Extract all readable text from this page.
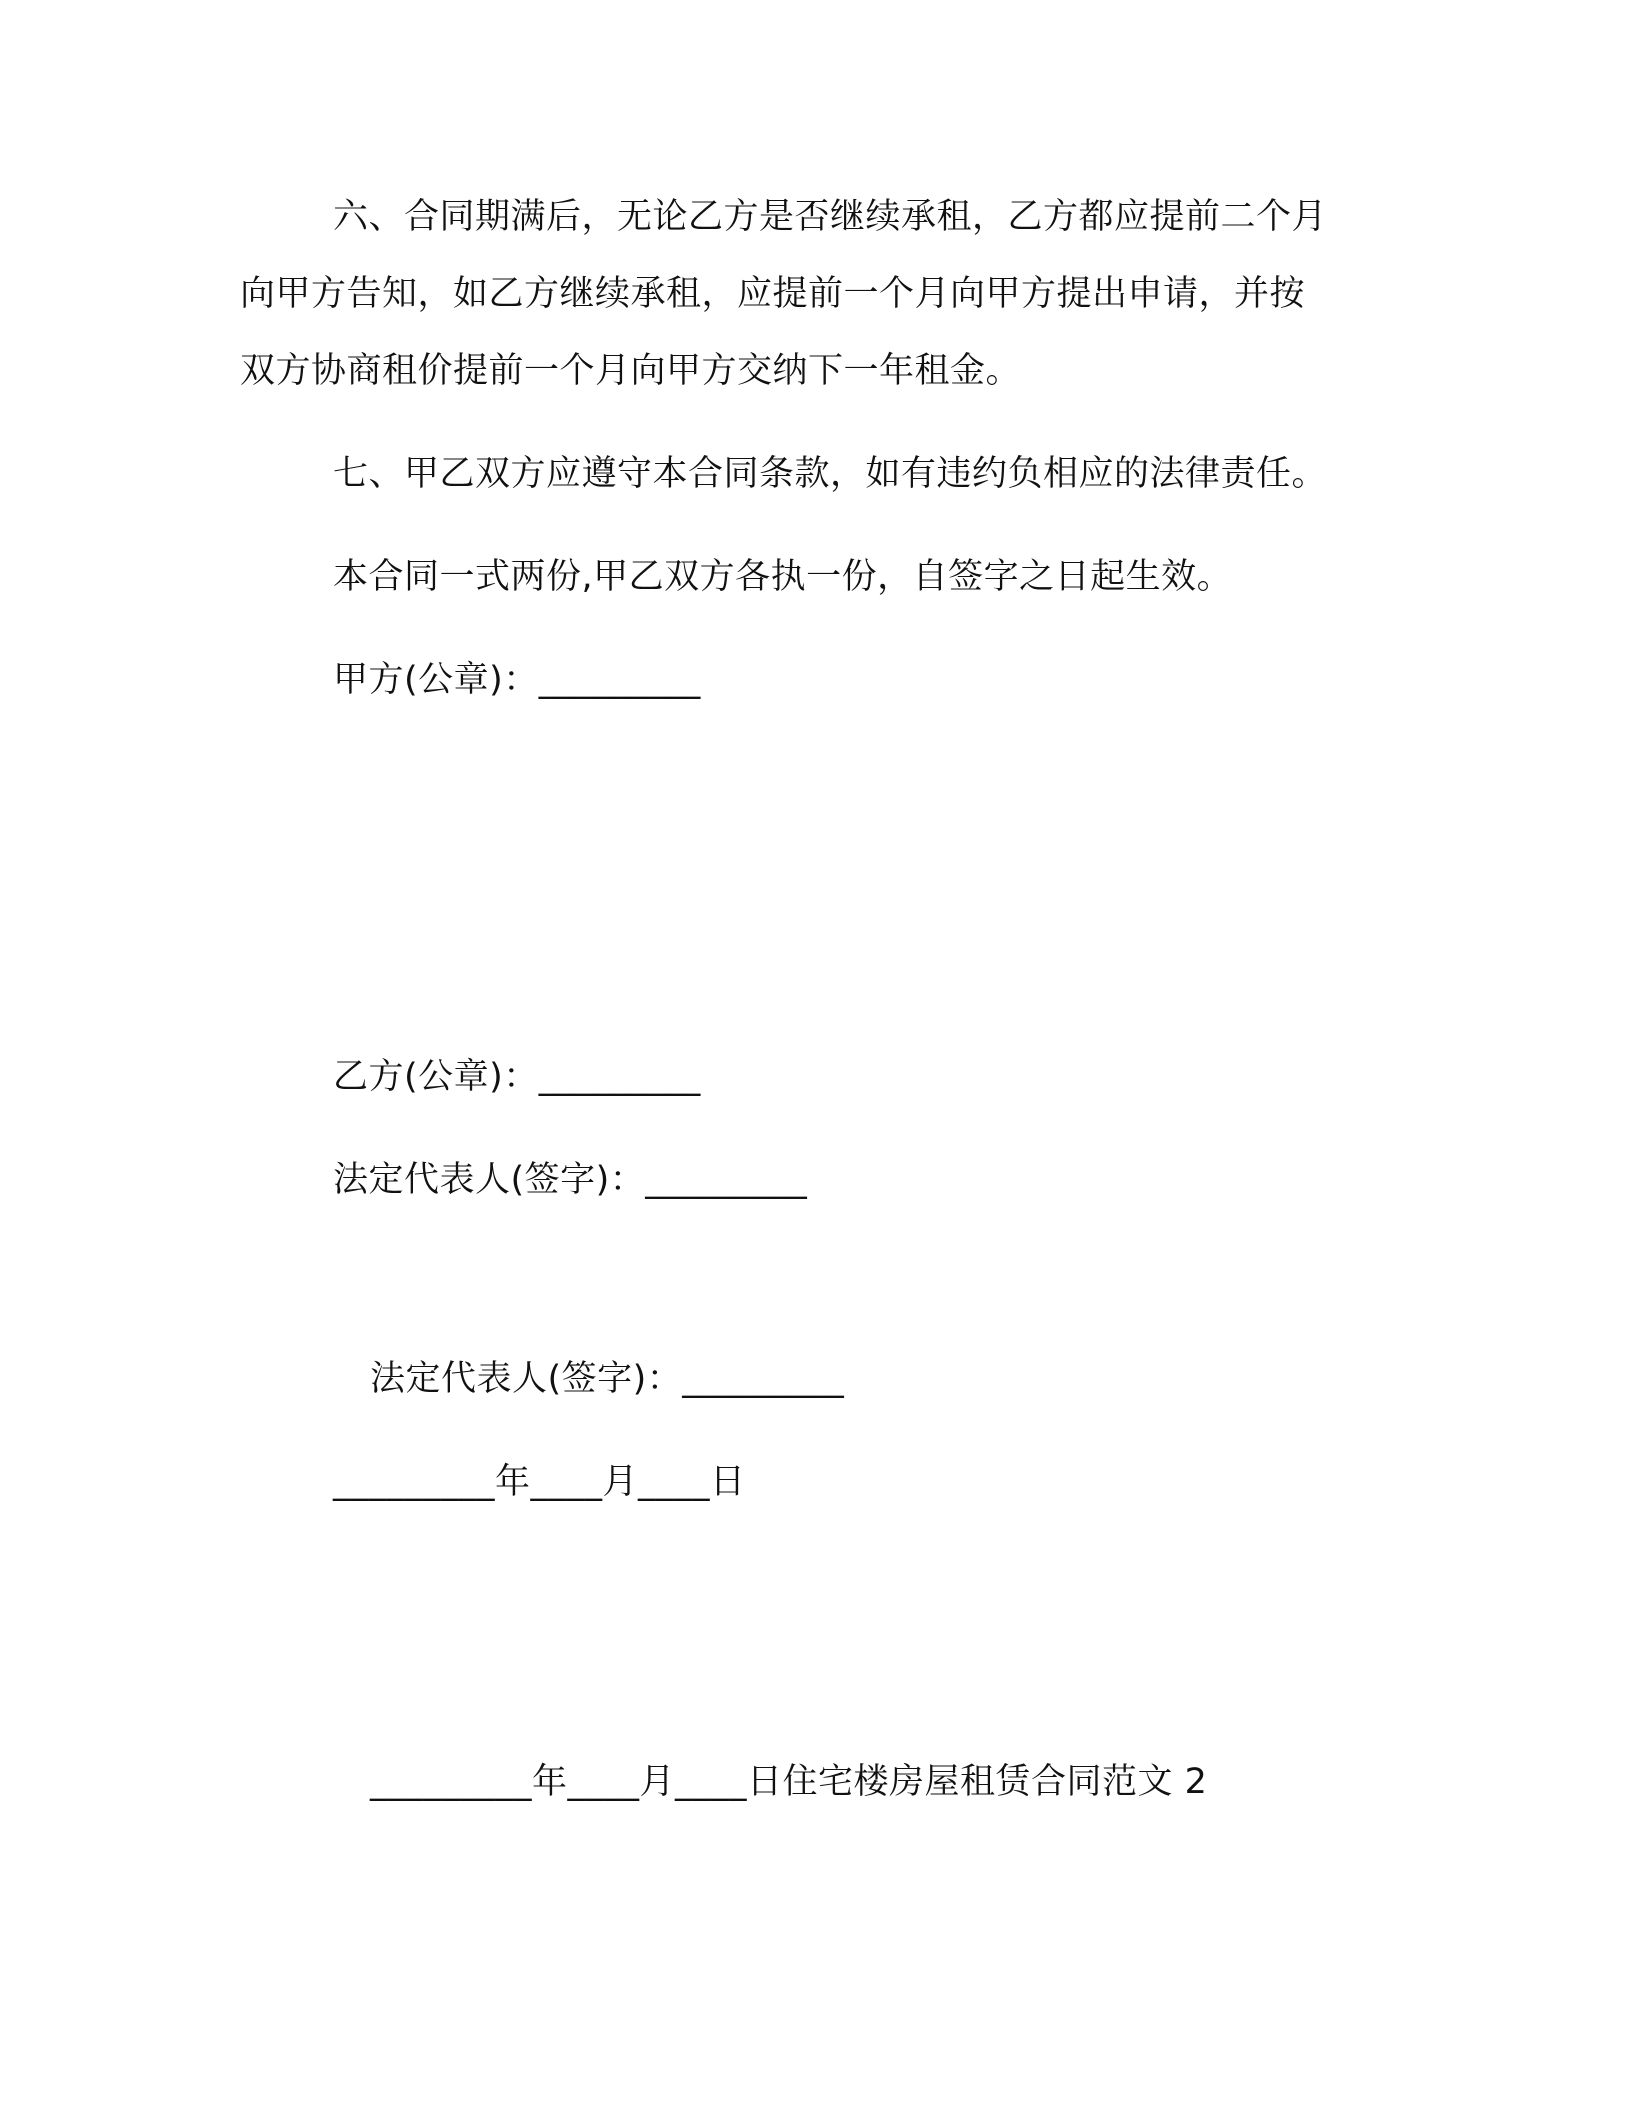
六、合同期满后，无论乙方是否继续承租，乙方都应提前二个月
向甲方告知，如乙方继续承租，应提前一个月向甲方提出申请，并按
双方协商租价提前一个月向甲方交纳下一年租金。
七、甲乙双方应遵守本合同条款，如有违约负相应的法律责任。
本合同一式两份,甲乙双方各执一份，自签字之日起生效。
甲方(公章)：_________
乙方(公章)：_________
法定代表人(签字)：_________
法定代表人(签字)：_________
_________年____月____日
_________年____月____日住宅楼房屋租赁合同范文 2
